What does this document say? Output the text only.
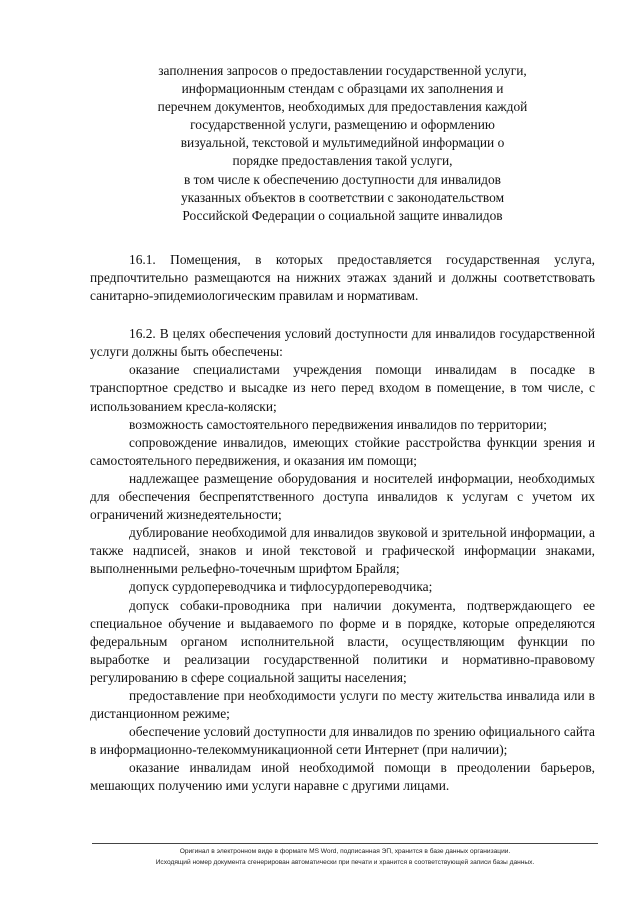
заполнения запросов о предоставлении государственной услуги,
информационным стендам с образцами их заполнения и
перечнем документов, необходимых для предоставления каждой
государственной услуги, размещению и оформлению
визуальной, текстовой и мультимедийной информации о
порядке предоставления такой услуги,
в том числе к обеспечению доступности для инвалидов
указанных объектов в соответствии с законодательством
Российской Федерации о социальной защите инвалидов

16.1. Помещения, в которых предоставляется государственная услуга, предпочтительно размещаются на нижних этажах зданий и должны соответствовать санитарно-эпидемиологическим правилам и нормативам.

16.2. В целях обеспечения условий доступности для инвалидов государственной услуги должны быть обеспечены:

оказание специалистами учреждения помощи инвалидам в посадке в транспортное средство и высадке из него перед входом в помещение, в том числе, с использованием кресла-коляски;

возможность самостоятельного передвижения инвалидов по территории;

сопровождение инвалидов, имеющих стойкие расстройства функции зрения и самостоятельного передвижения, и оказания им помощи;

надлежащее размещение оборудования и носителей информации, необходимых для обеспечения беспрепятственного доступа инвалидов к услугам с учетом их ограничений жизнедеятельности;

дублирование необходимой для инвалидов звуковой и зрительной информации, а также надписей, знаков и иной текстовой и графической информации знаками, выполненными рельефно-точечным шрифтом Брайля;

допуск сурдопереводчика и тифлосурдопереводчика;

допуск собаки-проводника при наличии документа, подтверждающего ее специальное обучение и выдаваемого по форме и в порядке, которые определяются федеральным органом исполнительной власти, осуществляющим функции по выработке и реализации государственной политики и нормативно-правовому регулированию в сфере социальной защиты населения;

предоставление при необходимости услуги по месту жительства инвалида или в дистанционном режиме;

обеспечение условий доступности для инвалидов по зрению официального сайта в информационно-телекоммуникационной сети Интернет (при наличии);

оказание инвалидам иной необходимой помощи в преодолении барьеров, мешающих получению ими услуги наравне с другими лицами.

Оригинал в электронном виде в формате MS Word, подписанная ЭП, хранится в базе данных организации.
Исходящий номер документа сгенерирован автоматически при печати и хранится в соответствующей записи базы данных.
